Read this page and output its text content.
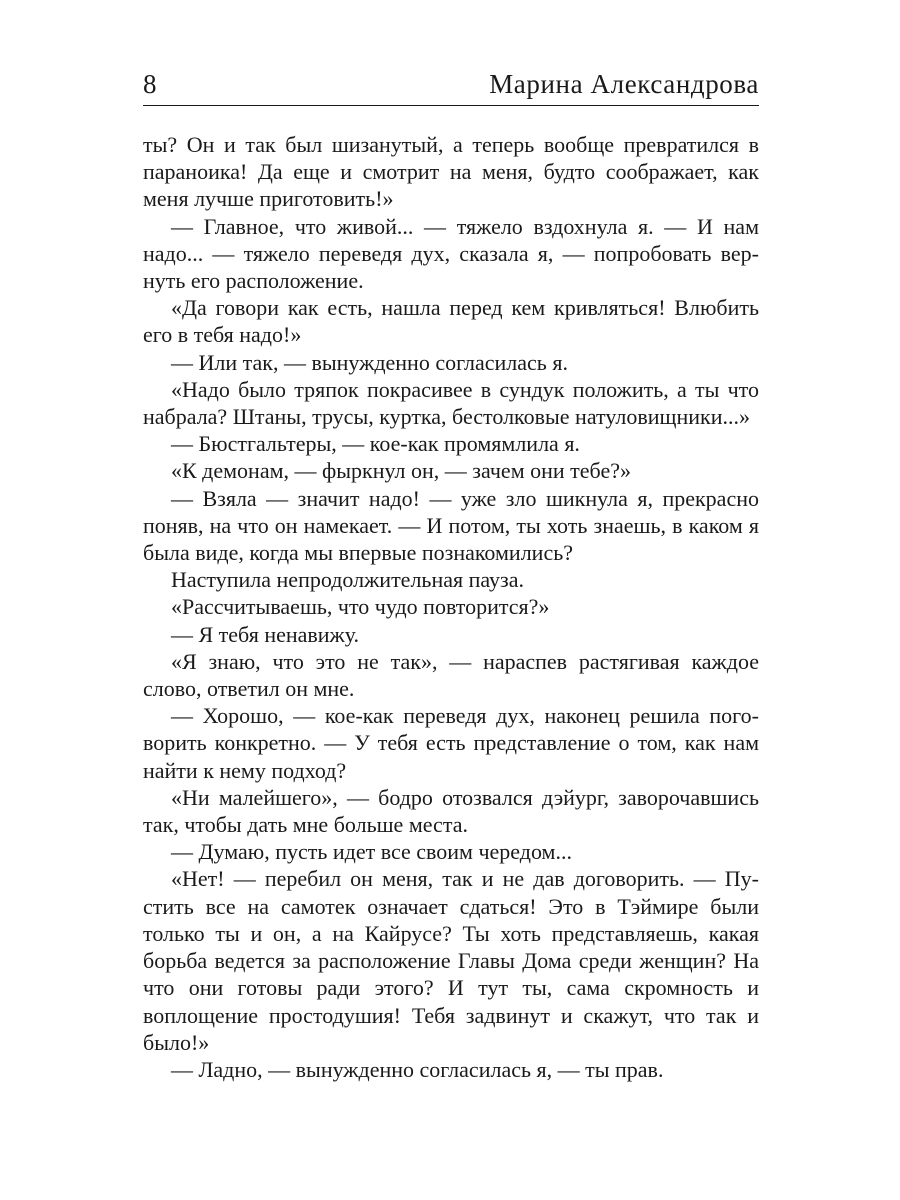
8	Марина Александрова

ты? Он и так был шизанутый, а теперь вообще превратился в параноика! Да еще и смотрит на меня, будто соображает, как меня лучше приготовить!»

— Главное, что живой... — тяжело вздохнула я. — И нам надо... — тяжело переведя дух, сказала я, — попробовать вернуть его расположение.

«Да говори как есть, нашла перед кем кривляться! Влюбить его в тебя надо!»

— Или так, — вынужденно согласилась я.

«Надо было тряпок покрасивее в сундук положить, а ты что набрала? Штаны, трусы, куртка, бестолковые натуловищники...»

— Бюстгальтеры, — кое-как промямлила я.

«К демонам, — фыркнул он, — зачем они тебе?»

— Взяла — значит надо! — уже зло шикнула я, прекрасно поняв, на что он намекает. — И потом, ты хоть знаешь, в каком я была виде, когда мы впервые познакомились?

Наступила непродолжительная пауза.

«Рассчитываешь, что чудо повторится?»

— Я тебя ненавижу.

«Я знаю, что это не так», — нараспев растягивая каждое слово, ответил он мне.

— Хорошо, — кое-как переведя дух, наконец решила поговорить конкретно. — У тебя есть представление о том, как нам найти к нему подход?

«Ни малейшего», — бодро отозвался дэйург, заворочавшись так, чтобы дать мне больше места.

— Думаю, пусть идет все своим чередом...

«Нет! — перебил он меня, так и не дав договорить. — Пустить все на самотек означает сдаться! Это в Тэймире были только ты и он, а на Кайрусе? Ты хоть представляешь, какая борьба ведется за расположение Главы Дома среди женщин? На что они готовы ради этого? И тут ты, сама скромность и воплощение простодушия! Тебя задвинут и скажут, что так и было!»

— Ладно, — вынужденно согласилась я, — ты прав.
